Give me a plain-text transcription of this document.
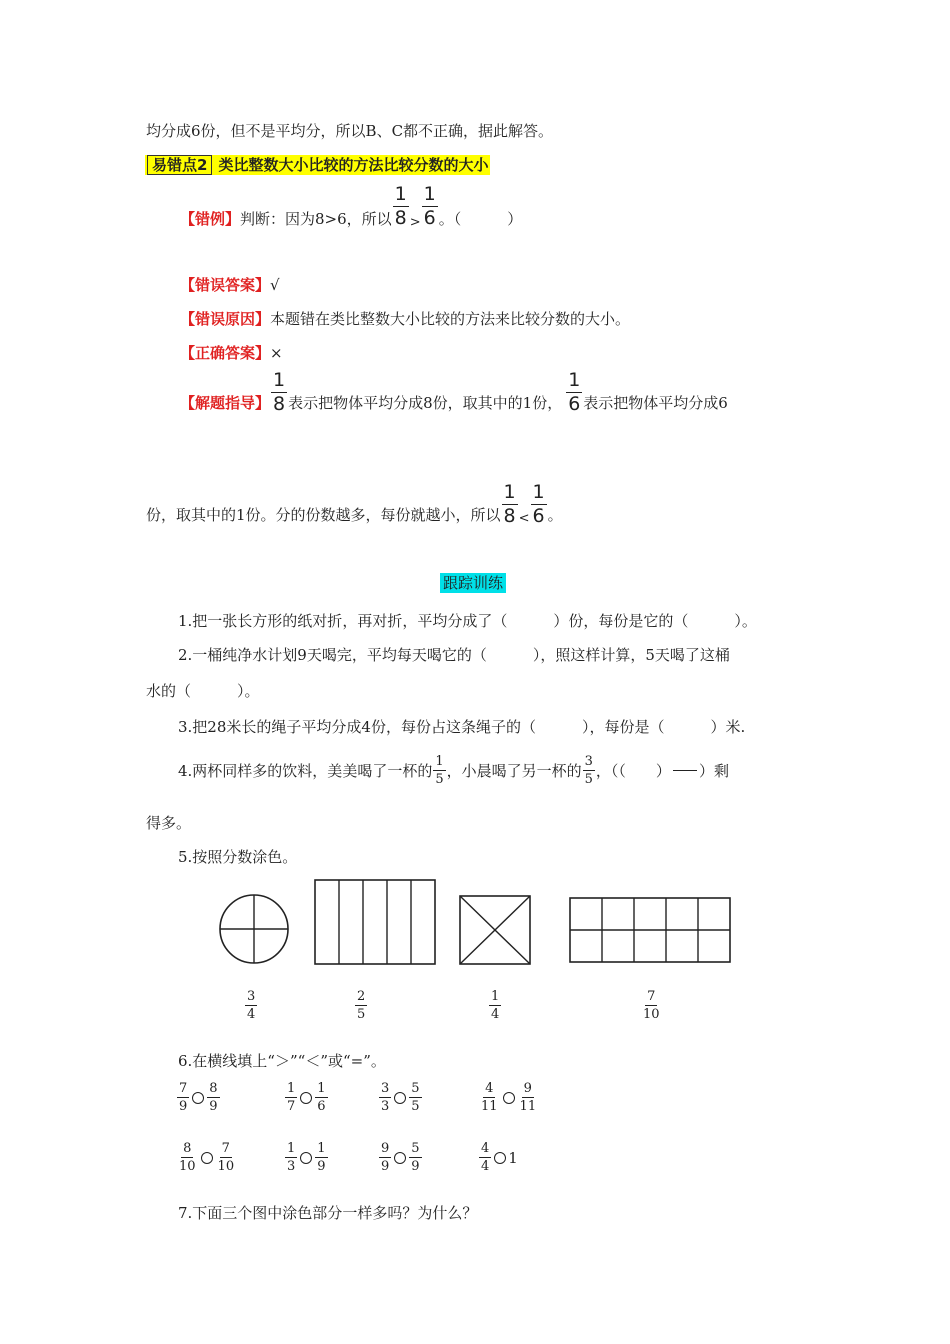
均分成6份，但不是平均分，所以B、C都不正确，据此解答。
易错点2 类比整数大小比较的方法比较分数的大小
【错例】 判断：因为8>6，所以 $\frac{1}{8} > \frac{1}{6}$ 。（	）
【错误答案】√
【错误原因】本题错在类比整数大小比较的方法来比较分数的大小。
【正确答案】×
【解题指导】 $\frac{1}{8}$ 表示把物体平均分成8份，取其中的1份， $\frac{1}{6}$ 表示把物体平均分成6
份，取其中的1份。分的份数越多，每份就越小，所以 $\frac{1}{8} < \frac{1}{6}$ 。
跟踪训练
1.把一张长方形的纸对折，再对折，平均分成了（	）份，每份是它的（	）。
2.一桶纯净水计划9天喝完，平均每天喝它的（	），照这样计算，5天喝了这桶
水的（	）。
3.把28米长的绳子平均分成4份，每份占这条绳子的（	），每份是（	）米.
4.两杯同样多的饮料，美美喝了一杯的 $\frac{1}{5}$ ，小晨喝了另一杯的 $\frac{3}{5}$ ，（（ ） ）剩
得多。
5.按照分数涂色。
$\frac{3}{4}$	$\frac{2}{5}$	$\frac{1}{4}$	$\frac{7}{10}$
6.在横线填上“＞”“＜”或“=”。
$\frac{7}{9} \frac{8}{9}$	$\frac{1}{7} \frac{1}{6}$	$\frac{3}{3} \frac{5}{5}$	$\frac{4}{11} \frac{9}{11}$
$\frac{8}{10} \frac{7}{10}$	$\frac{1}{3} \frac{1}{9}$	$\frac{9}{9} \frac{5}{9}$	$\frac{4}{4} 1$
7.下面三个图中涂色部分一样多吗？为什么？
